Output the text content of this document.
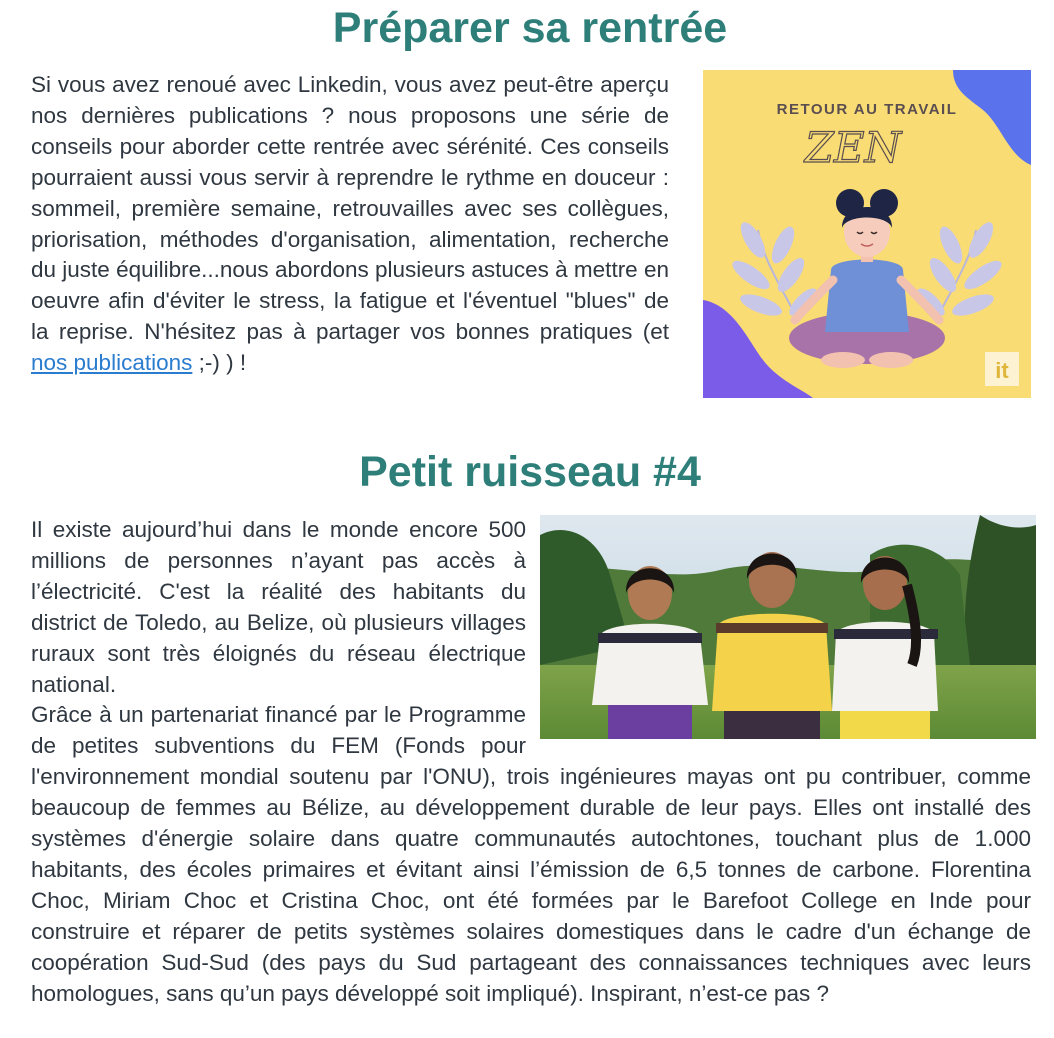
Préparer sa rentrée
RETOUR AU TRAVAIL
ZEN
it

Si vous avez renoué avec Linkedin, vous avez peut-être aperçu nos dernières publications ? nous proposons une série de conseils pour aborder cette rentrée avec sérénité. Ces conseils pourraient aussi vous servir à reprendre le rythme en douceur : sommeil, première semaine, retrouvailles avec ses collègues, priorisation, méthodes d'organisation, alimentation, recherche du juste équilibre...nous abordons plusieurs astuces à mettre en oeuvre afin d'éviter le stress, la fatigue et l'éventuel "blues" de la reprise. N'hésitez pas à partager vos bonnes pratiques (et nos publications ;-) ) !

Petit ruisseau #4

Il existe aujourd’hui dans le monde encore 500 millions de personnes n’ayant pas accès à l’électricité. C'est la réalité des habitants du district de Toledo, au Belize, où plusieurs villages ruraux sont très éloignés du réseau électrique national.

Grâce à un partenariat financé par le Programme de petites subventions du FEM (Fonds pour l'environnement mondial soutenu par l'ONU), trois ingénieures mayas ont pu contribuer, comme beaucoup de femmes au Bélize, au développement durable de leur pays. Elles ont installé des systèmes d'énergie solaire dans quatre communautés autochtones, touchant plus de 1.000 habitants, des écoles primaires et évitant ainsi l’émission de 6,5 tonnes de carbone. Florentina Choc, Miriam Choc et Cristina Choc, ont été formées par le Barefoot College en Inde pour construire et réparer de petits systèmes solaires domestiques dans le cadre d'un échange de coopération Sud-Sud (des pays du Sud partageant des connaissances techniques avec leurs homologues, sans qu’un pays développé soit impliqué). Inspirant, n’est-ce pas ?
